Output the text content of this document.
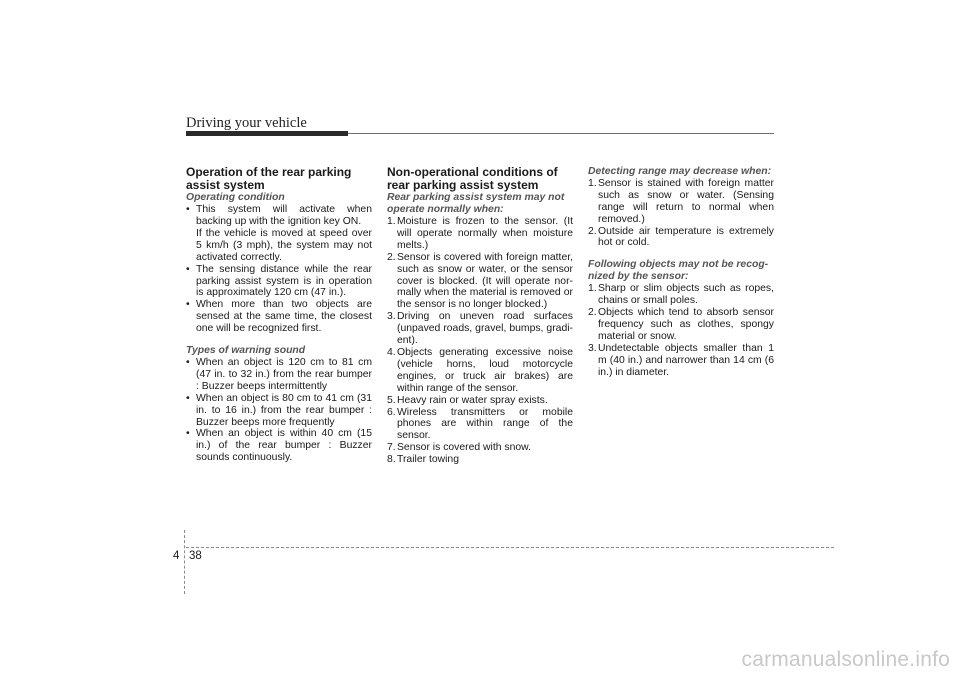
Driving your vehicle
Operation of the rear parking assist system
Operating condition
• This system will activate when backing up with the ignition key ON.
If the vehicle is moved at speed over 5 km/h (3 mph), the system may not activated correctly.
• The sensing distance while the rear parking assist system is in operation is approximately 120 cm (47 in.).
• When more than two objects are sensed at the same time, the closest one will be recognized first.
Types of warning sound
• When an object is 120 cm to 81 cm (47 in. to 32 in.) from the rear bumper : Buzzer beeps intermittently
• When an object is 80 cm to 41 cm (31 in. to 16 in.) from the rear bumper : Buzzer beeps more frequently
• When an object is within 40 cm (15 in.) of the rear bumper : Buzzer sounds continuously.
Non-operational conditions of rear parking assist system
Rear parking assist system may not operate normally when:
1. Moisture is frozen to the sensor. (It will operate normally when moisture melts.)
2. Sensor is covered with foreign matter, such as snow or water, or the sensor cover is blocked. (It will operate nor-mally when the material is removed or the sensor is no longer blocked.)
3. Driving on uneven road surfaces (unpaved roads, gravel, bumps, gradi-ent).
4. Objects generating excessive noise (vehicle horns, loud motorcycle engines, or truck air brakes) are within range of the sensor.
5. Heavy rain or water spray exists.
6. Wireless transmitters or mobile phones are within range of the sensor.
7. Sensor is covered with snow.
8. Trailer towing
Detecting range may decrease when:
1. Sensor is stained with foreign matter such as snow or water. (Sensing range will return to normal when removed.)
2. Outside air temperature is extremely hot or cold.
Following objects may not be recog-nized by the sensor:
1. Sharp or slim objects such as ropes, chains or small poles.
2. Objects which tend to absorb sensor frequency such as clothes, spongy material or snow.
3. Undetectable objects smaller than 1 m (40 in.) and narrower than 14 cm (6 in.) in diameter.
4 38
carmanualsonline.info
